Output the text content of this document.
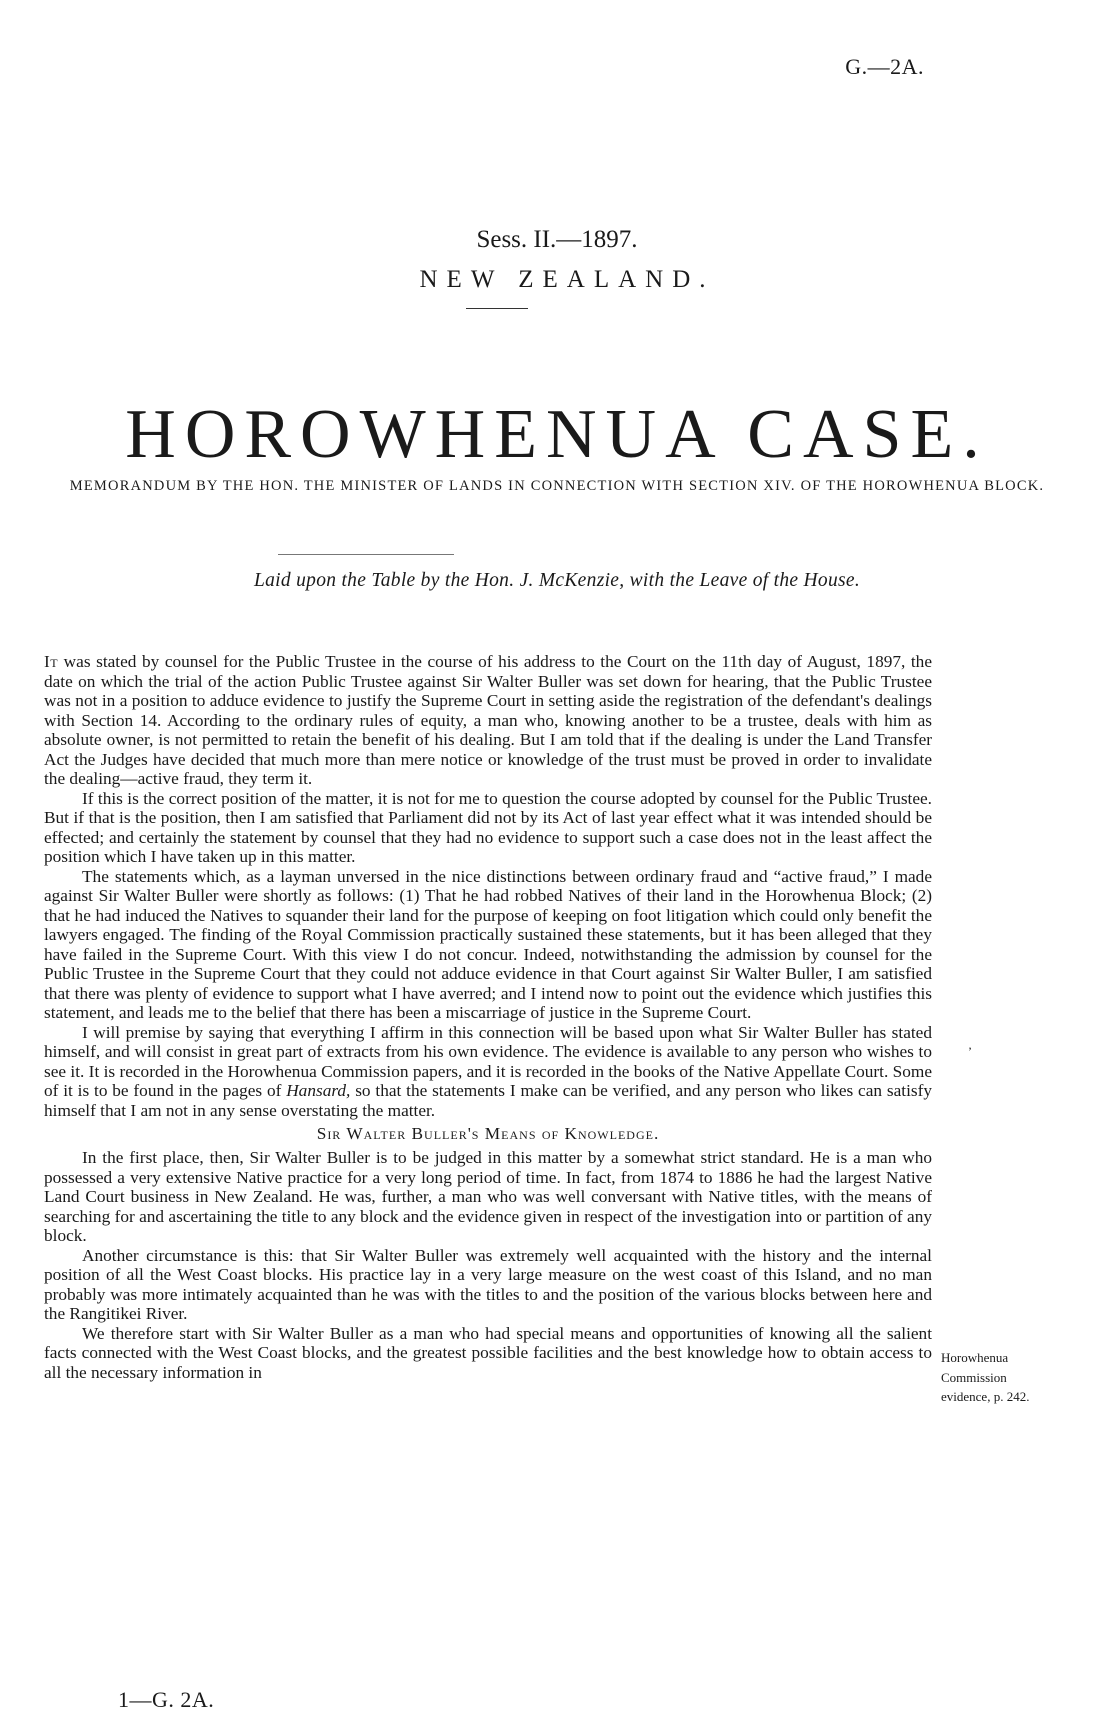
G.—2A.
Sess. II.—1897.
NEW ZEALAND.
HOROWHENUA CASE.
MEMORANDUM BY THE HON. THE MINISTER OF LANDS IN CONNECTION WITH SECTION XIV. OF THE HOROWHENUA BLOCK.
Laid upon the Table by the Hon. J. McKenzie, with the Leave of the House.

It was stated by counsel for the Public Trustee in the course of his address to the Court on the 11th day of August, 1897, the date on which the trial of the action Public Trustee against Sir Walter Buller was set down for hearing, that the Public Trustee was not in a position to adduce evidence to justify the Supreme Court in setting aside the registration of the defendant's dealings with Section 14. According to the ordinary rules of equity, a man who, knowing another to be a trustee, deals with him as absolute owner, is not permitted to retain the benefit of his dealing. But I am told that if the dealing is under the Land Transfer Act the Judges have decided that much more than mere notice or knowledge of the trust must be proved in order to invalidate the dealing—active fraud, they term it.

If this is the correct position of the matter, it is not for me to question the course adopted by counsel for the Public Trustee. But if that is the position, then I am satisfied that Parliament did not by its Act of last year effect what it was intended should be effected; and certainly the statement by counsel that they had no evidence to support such a case does not in the least affect the position which I have taken up in this matter.

The statements which, as a layman unversed in the nice distinctions between ordinary fraud and “active fraud,” I made against Sir Walter Buller were shortly as follows: (1) That he had robbed Natives of their land in the Horowhenua Block; (2) that he had induced the Natives to squander their land for the purpose of keeping on foot litigation which could only benefit the lawyers engaged. The finding of the Royal Commission practically sustained these statements, but it has been alleged that they have failed in the Supreme Court. With this view I do not concur. Indeed, notwithstanding the admission by counsel for the Public Trustee in the Supreme Court that they could not adduce evidence in that Court against Sir Walter Buller, I am satisfied that there was plenty of evidence to support what I have averred; and I intend now to point out the evidence which justifies this statement, and leads me to the belief that there has been a miscarriage of justice in the Supreme Court.

I will premise by saying that everything I affirm in this connection will be based upon what Sir Walter Buller has stated himself, and will consist in great part of extracts from his own evidence. The evidence is available to any person who wishes to see it. It is recorded in the Horowhenua Commission papers, and it is recorded in the books of the Native Appellate Court. Some of it is to be found in the pages of Hansard, so that the statements I make can be verified, and any person who likes can satisfy himself that I am not in any sense overstating the matter.

Sir Walter Buller's Means of Knowledge.

In the first place, then, Sir Walter Buller is to be judged in this matter by a somewhat strict standard. He is a man who possessed a very extensive Native practice for a very long period of time. In fact, from 1874 to 1886 he had the largest Native Land Court business in New Zealand. He was, further, a man who was well conversant with Native titles, with the means of searching for and ascertaining the title to any block and the evidence given in respect of the investigation into or partition of any block.

Another circumstance is this: that Sir Walter Buller was extremely well acquainted with the history and the internal position of all the West Coast blocks. His practice lay in a very large measure on the west coast of this Island, and no man probably was more intimately acquainted than he was with the titles to and the position of the various blocks between here and the Rangitikei River.

We therefore start with Sir Walter Buller as a man who had special means and opportunities of knowing all the salient facts connected with the West Coast blocks, and the greatest possible facilities and the best knowledge how to obtain access to all the necessary information in

’
Horowhenua
Commission
evidence, p. 242.
1—G. 2A.
